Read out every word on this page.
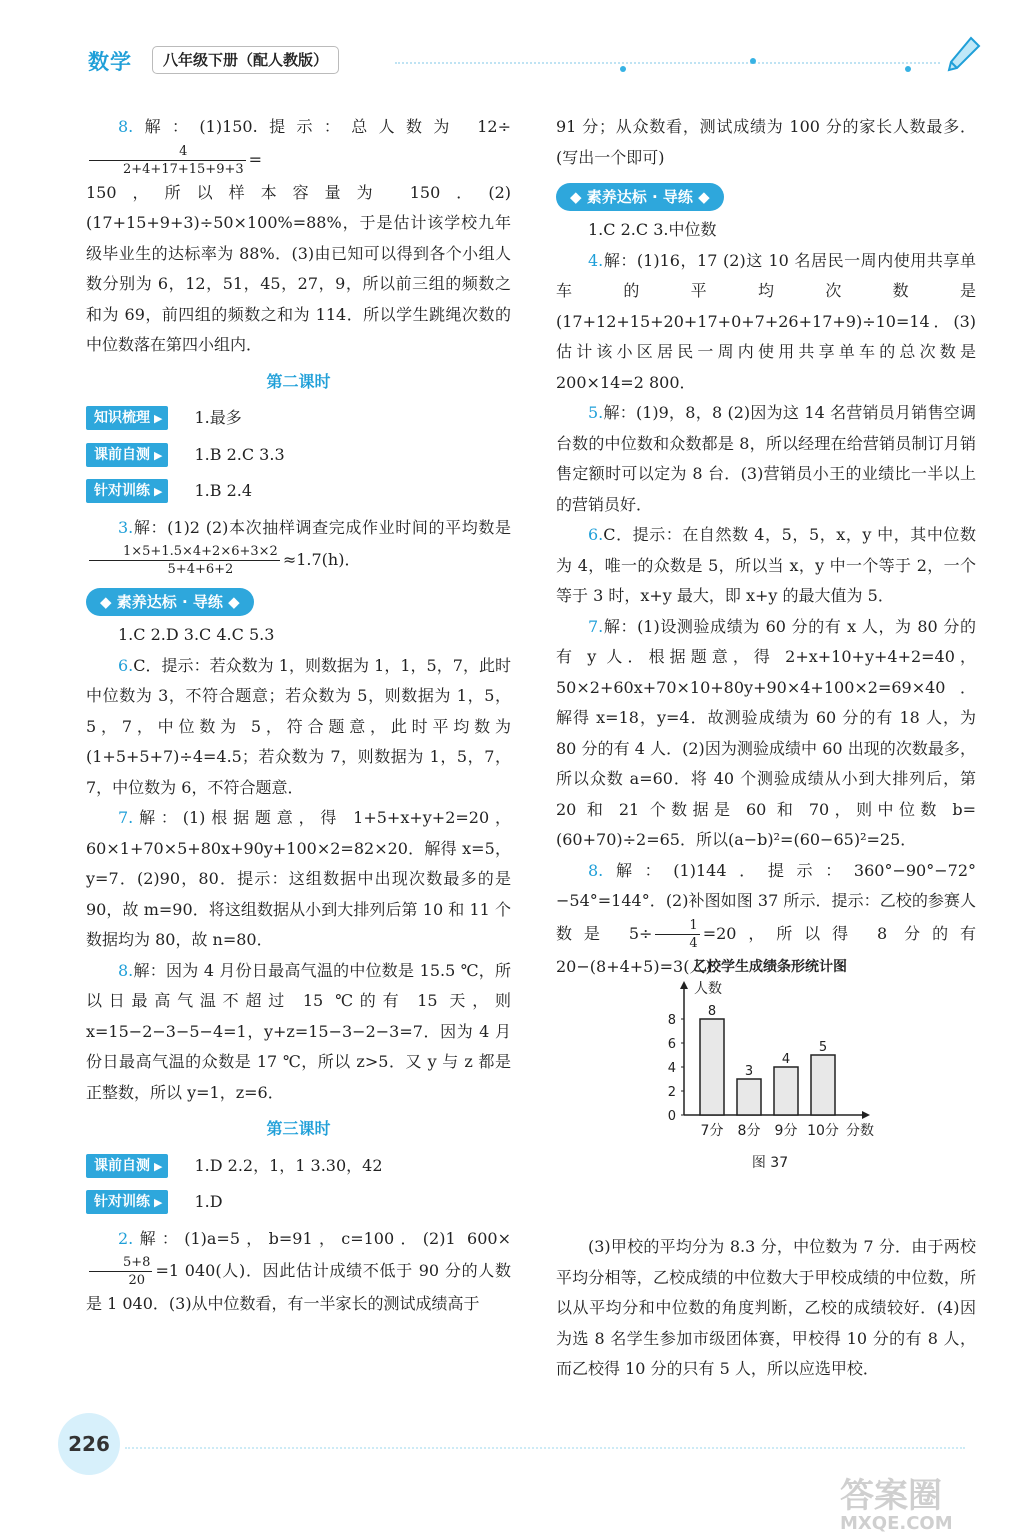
数学	八年级下册（配人教版）
8.解：(1)150.提示：总人数为 12÷
$\frac{4}{2+4+17+15+9+3}$ =
150，所以样本容量为 150．(2)(17+15+9+3)÷50×100%=88%，于是估计该学校九年级毕业生的达标率为 88%．(3)由已知可以得到各个小组人数分别为 6，12，51，45，27，9，所以前三组的频数之和为 69，前四组的频数之和为 114．所以学生跳绳次数的中位数落在第四小组内．
第二课时
知识梳理 ▶	1.最多
课前自测 ▶	1.B 2.C 3.3
针对训练 ▶	1.B 2.4
3.解：(1)2 (2)本次抽样调查完成作业时间的平均数是
$\frac{1\times 5+1.5\times 4+2\times 6+3\times 2}{5+4+6+2} \approx 1.7(h)$．
◆ 素养达标 · 导练 ◆
1.C 2.D 3.C 4.C 5.3
6.C．提示：若众数为 1，则数据为 1，1，5，7，此时中位数为 3，不符合题意；若众数为 5，则数据为 1，5，5，7，中位数为 5，符合题意，此时平均数为(1+5+5+7)÷4=4.5；若众数为 7，则数据为 1，5，7，7，中位数为 6，不符合题意．
7.解：(1)根据题意，得 1+5+x+y+2=20，60×1+70×5+80x+90y+100×2=82×20．解得 x=5，y=7．(2)90，80．提示：这组数据中出现次数最多的是 90，故 m=90．将这组数据从小到大排列后第 10 和 11 个数据均为 80，故 n=80．
8.解：因为 4 月份日最高气温的中位数是 15.5 ℃，所以日最高气温不超过 15 ℃的有 15 天，则 x=15−2−3−5−4=1，y+z=15−3−2−3=7．因为 4 月份日最高气温的众数是 17 ℃，所以 z>5．又 y 与 z 都是正整数，所以 y=1，z=6．
第三课时
课前自测 ▶	1.D 2.2，1，1 3.30，42
针对训练 ▶	1.D
2.解：(1)a=5，b=91，c=100．(2)1 600×
$\frac{5+8}{20} =1$ 040(人)．因此估计成绩不低于 90 分的人数是 1 040．(3)从中位数看，有一半家长的测试成绩高于
91 分；从众数看，测试成绩为 100 分的家长人数最多．(写出一个即可)
◆ 素养达标 · 导练 ◆
1.C 2.C 3.中位数
4.解：(1)16，17 (2)这 10 名居民一周内使用共享单车的平均次数是(17+12+15+20+17+0+7+26+17+9)÷10=14．(3)估计该小区居民一周内使用共享单车的总次数是 200×14=2 800．
5.解：(1)9，8，8 (2)因为这 14 名营销员月销售空调台数的中位数和众数都是 8，所以经理在给营销员制订月销售定额时可以定为 8 台．(3)营销员小王的业绩比一半以上的营销员好．
6.C．提示：在自然数 4，5，5，x，y 中，其中位数为 4，唯一的众数是 5，所以当 x，y 中一个等于 2，一个等于 3 时，x+y 最大，即 x+y 的最大值为 5．
7.解：(1)设测验成绩为 60 分的有 x 人，为 80 分的有 y 人．根据题意，得 2+x+10+y+4+2=40，50×2+60x+70×10+80y+90×4+100×2=69×40．解得 x=18，y=4．故测验成绩为 60 分的有 18 人，为 80 分的有 4 人．(2)因为测验成绩中 60 出现的次数最多，所以众数 a=60．将 40 个测验成绩从小到大排列后，第 20 和 21 个数据是 60 和 70，则中位数 b=(60+70)÷2=65．所以(a−b)²=(60−65)²=25．
8.解：(1)144．提示：360°−90°−72°−54°=144°．(2)补图如图 37 所示．提示：乙校的参赛人数是 $5\div \frac{1}{4} =20$，所以得 8 分的有 20−(8+4+5)=3(人)．
(3)甲校的平均分为 8.3 分，中位数为 7 分．由于两校平均分相等，乙校成绩的中位数大于甲校成绩的中位数，所以从平均分和中位数的角度判断，乙校的成绩较好．(4)因为选 8 名学生参加市级团体赛，甲校得 10 分的有 8 人，而乙校得 10 分的只有 5 人，所以应选甲校．
乙校学生成绩条形统计图
人数
0
2
4
6
8
8
7分
3
8分
4
9分
5
10分 分数
图 37
226
答案圈
MXQE.COM
